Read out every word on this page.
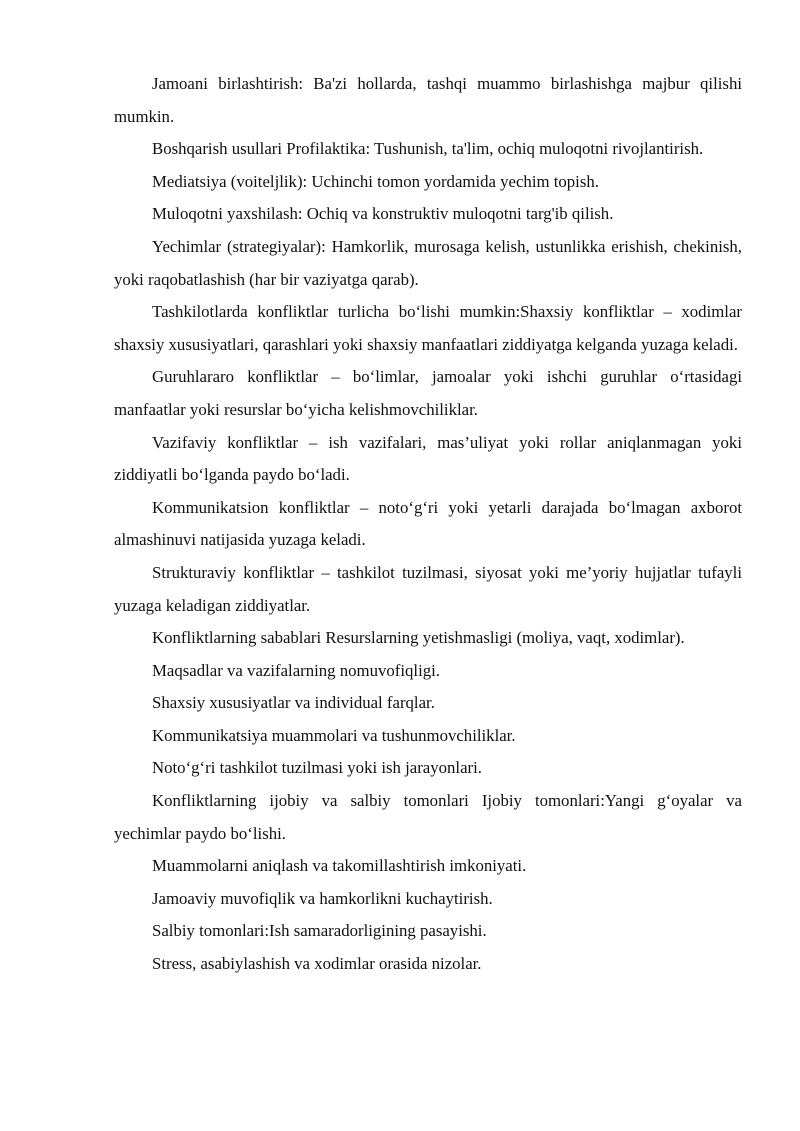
Jamoani birlashtirish: Ba'zi hollarda, tashqi muammo birlashishga majbur qilishi mumkin.

Boshqarish usullari Profilaktika: Tushunish, ta'lim, ochiq muloqotni rivojlantirish.

Mediatsiya (voiteljlik): Uchinchi tomon yordamida yechim topish.

Muloqotni yaxshilash: Ochiq va konstruktiv muloqotni targ'ib qilish.

Yechimlar (strategiyalar): Hamkorlik, murosaga kelish, ustunlikka erishish, chekinish, yoki raqobatlashish (har bir vaziyatga qarab).

Tashkilotlarda konfliktlar turlicha bo‘lishi mumkin:Shaxsiy konfliktlar – xodimlar shaxsiy xususiyatlari, qarashlari yoki shaxsiy manfaatlari ziddiyatga kelganda yuzaga keladi.

Guruhlararo konfliktlar – bo‘limlar, jamoalar yoki ishchi guruhlar o‘rtasidagi manfaatlar yoki resurslar bo‘yicha kelishmovchiliklar.

Vazifaviy konfliktlar – ish vazifalari, mas’uliyat yoki rollar aniqlanmagan yoki ziddiyatli bo‘lganda paydo bo‘ladi.

Kommunikatsion konfliktlar – noto‘g‘ri yoki yetarli darajada bo‘lmagan axborot almashinuvi natijasida yuzaga keladi.

Strukturaviy konfliktlar – tashkilot tuzilmasi, siyosat yoki me’yoriy hujjatlar tufayli yuzaga keladigan ziddiyatlar.

Konfliktlarning sabablari Resurslarning yetishmasligi (moliya, vaqt, xodimlar).

Maqsadlar va vazifalarning nomuvofiqligi.

Shaxsiy xususiyatlar va individual farqlar.

Kommunikatsiya muammolari va tushunmovchiliklar.

Noto‘g‘ri tashkilot tuzilmasi yoki ish jarayonlari.

Konfliktlarning ijobiy va salbiy tomonlari Ijobiy tomonlari:Yangi g‘oyalar va yechimlar paydo bo‘lishi.

Muammolarni aniqlash va takomillashtirish imkoniyati.

Jamoaviy muvofiqlik va hamkorlikni kuchaytirish.

Salbiy tomonlari:Ish samaradorligining pasayishi.

Stress, asabiylashish va xodimlar orasida nizolar.
